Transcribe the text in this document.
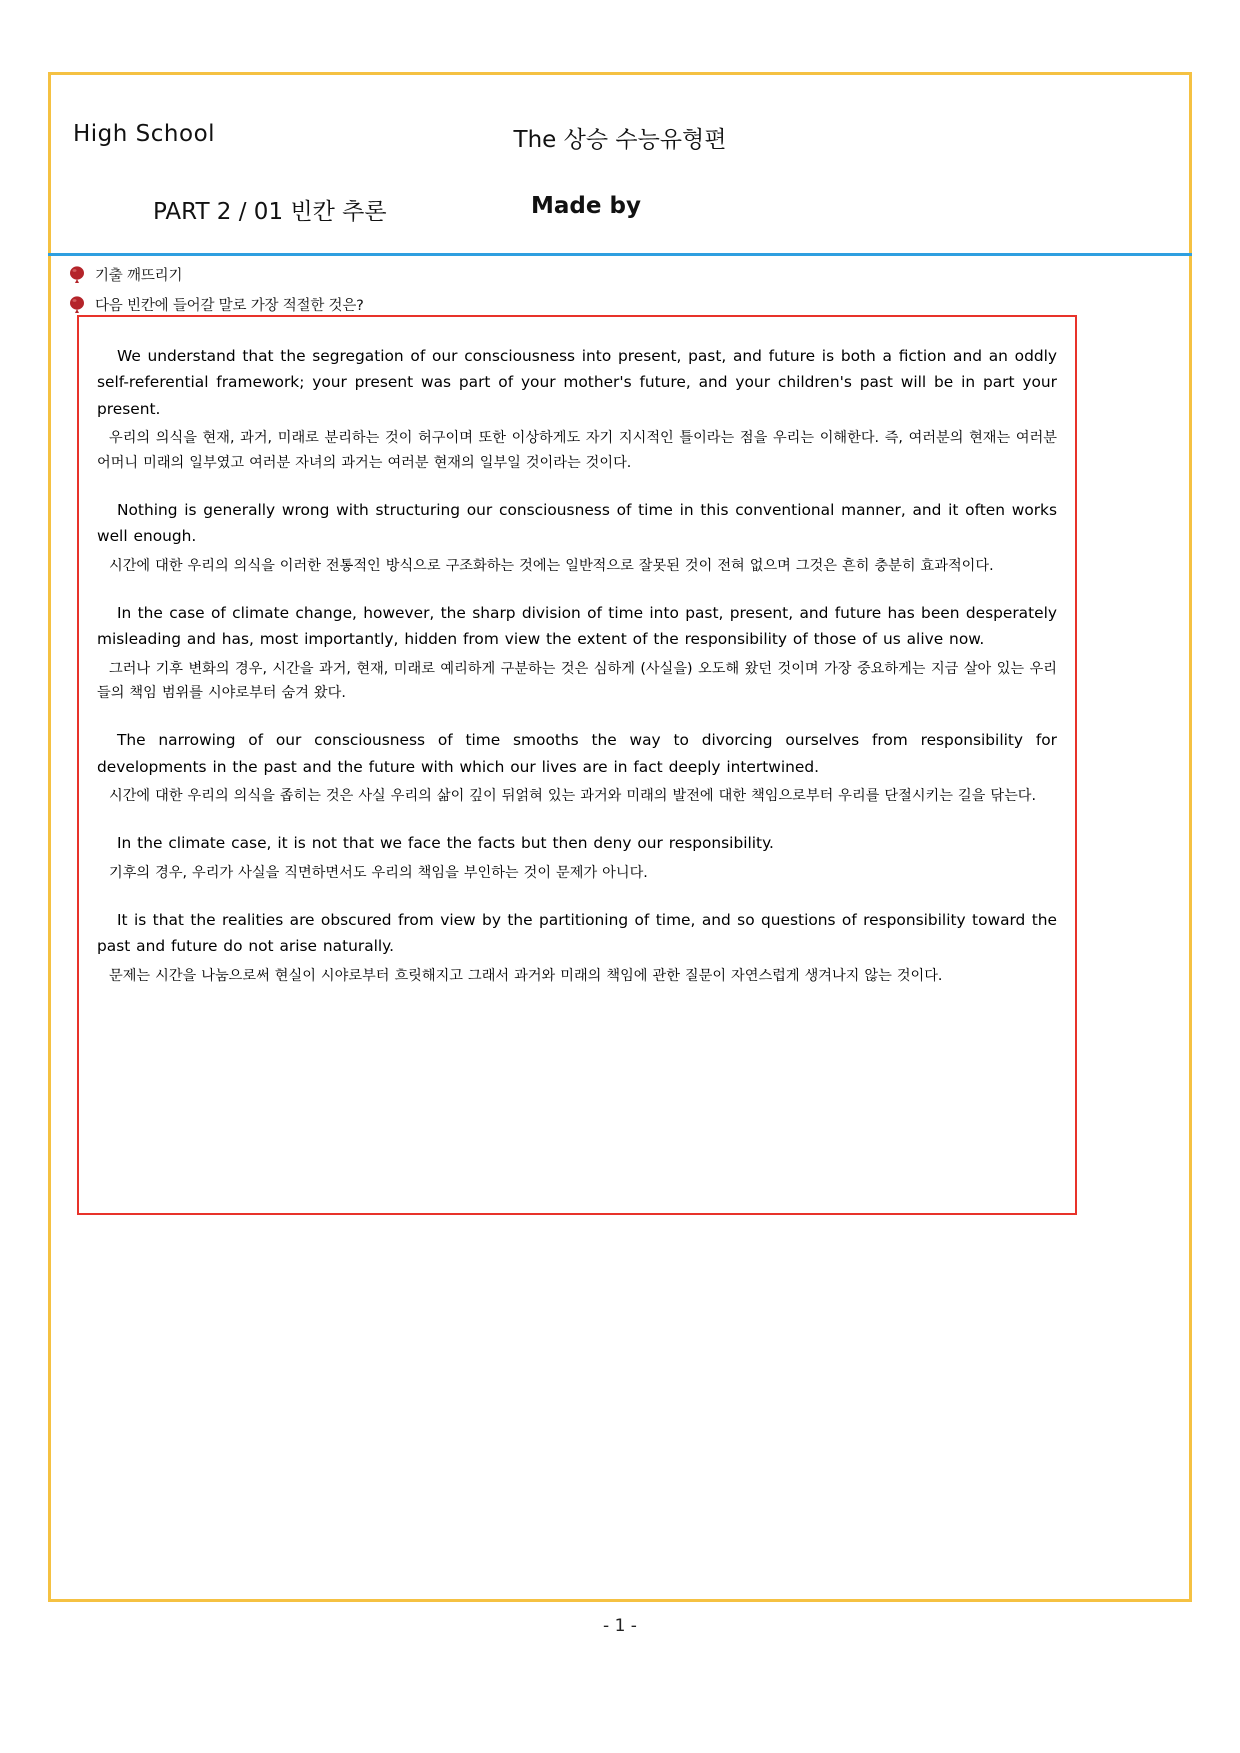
High School	The 상승 수능유형편
PART 2 / 01 빈칸 추론	Made by
기출 깨뜨리기
다음 빈칸에 들어갈 말로 가장 적절한 것은?
We understand that the segregation of our consciousness into present, past, and future is both a fiction and an oddly self-referential framework; your present was part of your mother's future, and your children's past will be in part your present.
우리의 의식을 현재, 과거, 미래로 분리하는 것이 허구이며 또한 이상하게도 자기 지시적인 틀이라는 점을 우리는 이해한다. 즉, 여러분의 현재는 여러분 어머니 미래의 일부였고 여러분 자녀의 과거는 여러분 현재의 일부일 것이라는 것이다.
Nothing is generally wrong with structuring our consciousness of time in this conventional manner, and it often works well enough.
시간에 대한 우리의 의식을 이러한 전통적인 방식으로 구조화하는 것에는 일반적으로 잘못된 것이 전혀 없으며 그것은 흔히 충분히 효과적이다.
In the case of climate change, however, the sharp division of time into past, present, and future has been desperately misleading and has, most importantly, hidden from view the extent of the responsibility of those of us alive now.
그러나 기후 변화의 경우, 시간을 과거, 현재, 미래로 예리하게 구분하는 것은 심하게 (사실을) 오도해 왔던 것이며 가장 중요하게는 지금 살아 있는 우리들의 책임 범위를 시야로부터 숨겨 왔다.
The narrowing of our consciousness of time smooths the way to divorcing ourselves from responsibility for developments in the past and the future with which our lives are in fact deeply intertwined.
시간에 대한 우리의 의식을 좁히는 것은 사실 우리의 삶이 깊이 뒤얽혀 있는 과거와 미래의 발전에 대한 책임으로부터 우리를 단절시키는 길을 닦는다.
In the climate case, it is not that we face the facts but then deny our responsibility.
기후의 경우, 우리가 사실을 직면하면서도 우리의 책임을 부인하는 것이 문제가 아니다.
It is that the realities are obscured from view by the partitioning of time, and so questions of responsibility toward the past and future do not arise naturally.
문제는 시간을 나눔으로써 현실이 시야로부터 흐릿해지고 그래서 과거와 미래의 책임에 관한 질문이 자연스럽게 생겨나지 않는 것이다.
- 1 -
